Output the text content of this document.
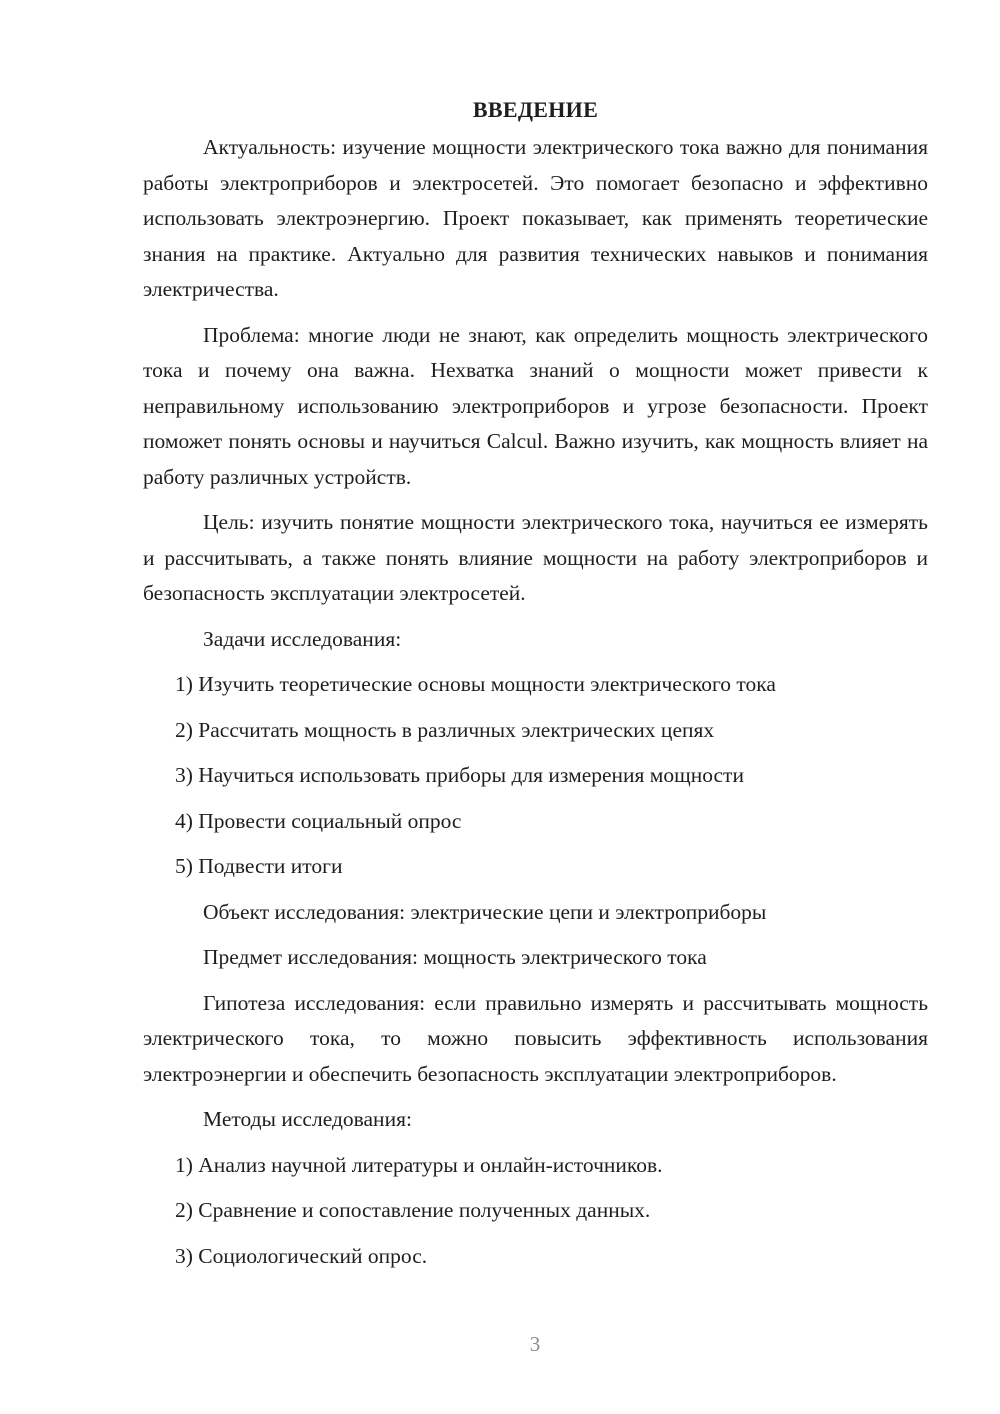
ВВЕДЕНИЕ

Актуальность: изучение мощности электрического тока важно для понимания работы электроприборов и электросетей. Это помогает безопасно и эффективно использовать электроэнергию. Проект показывает, как применять теоретические знания на практике. Актуально для развития технических навыков и понимания электричества.

Проблема: многие люди не знают, как определить мощность электрического тока и почему она важна. Нехватка знаний о мощности может привести к неправильному использованию электроприборов и угрозе безопасности. Проект поможет понять основы и научиться Calcul. Важно изучить, как мощность влияет на работу различных устройств.

Цель: изучить понятие мощности электрического тока, научиться ее измерять и рассчитывать, а также понять влияние мощности на работу электроприборов и безопасность эксплуатации электросетей.

Задачи исследования:

1) Изучить теоретические основы мощности электрического тока

2) Рассчитать мощность в различных электрических цепях

3) Научиться использовать приборы для измерения мощности

4) Провести социальный опрос

5) Подвести итоги

Объект исследования: электрические цепи и электроприборы

Предмет исследования: мощность электрического тока

Гипотеза исследования: если правильно измерять и рассчитывать мощность электрического тока, то можно повысить эффективность использования электроэнергии и обеспечить безопасность эксплуатации электроприборов.

Методы исследования:

1) Анализ научной литературы и онлайн-источников.

2) Сравнение и сопоставление полученных данных.

3) Социологический опрос.

3
